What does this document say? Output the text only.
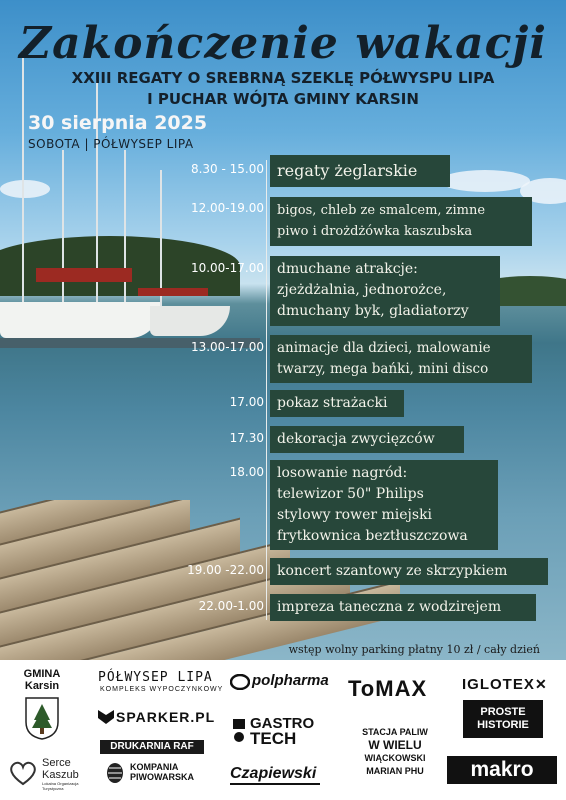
Zakończenie wakacji
XXIII REGATY O SREBRNĄ SZEKLĘ PÓŁWYSPU LIPA
I PUCHAR WÓJTA GMINY KARSIN
30 sierpnia 2025
SOBOTA | PÓŁWYSEP LIPA
8.30 - 15.00 regaty żeglarskie
12.00-19.00 bigos, chleb ze smalcem, zimne
piwo i drożdżówka kaszubska
10.00-17.00 dmuchane atrakcje:
zjeżdżalnia, jednorożce,
dmuchany byk, gladiatorzy
13.00-17.00 animacje dla dzieci, malowanie
twarzy, mega bańki, mini disco
17.00 pokaz strażacki
17.30 dekoracja zwycięzców
18.00 losowanie nagród:
telewizor 50" Philips
stylowy rower miejski
frytkownica beztłuszczowa
19.00 -22.00 koncert szantowy ze skrzypkiem
22.00-1.00 impreza taneczna z wodzirejem
wstęp wolny parking płatny 10 zł / cały dzień
GMINA
Karsin
Serce
Kaszub
Lokalna Organizacja Turystyczna
PÓŁWYSEP LIPA
KOMPLEKS WYPOCZYNKOWY
SPARKER.PL
DRUKARNIA RAF
KOMPANIA
PIWOWARSKA
polpharma
GASTRO
TECH
Czapiewski
ToMAX
STACJA PALIW
W WIELU
WIĄCKOWSKI
MARIAN PHU
IGLOTEX ✕
PROSTE
HISTORIE
makro
